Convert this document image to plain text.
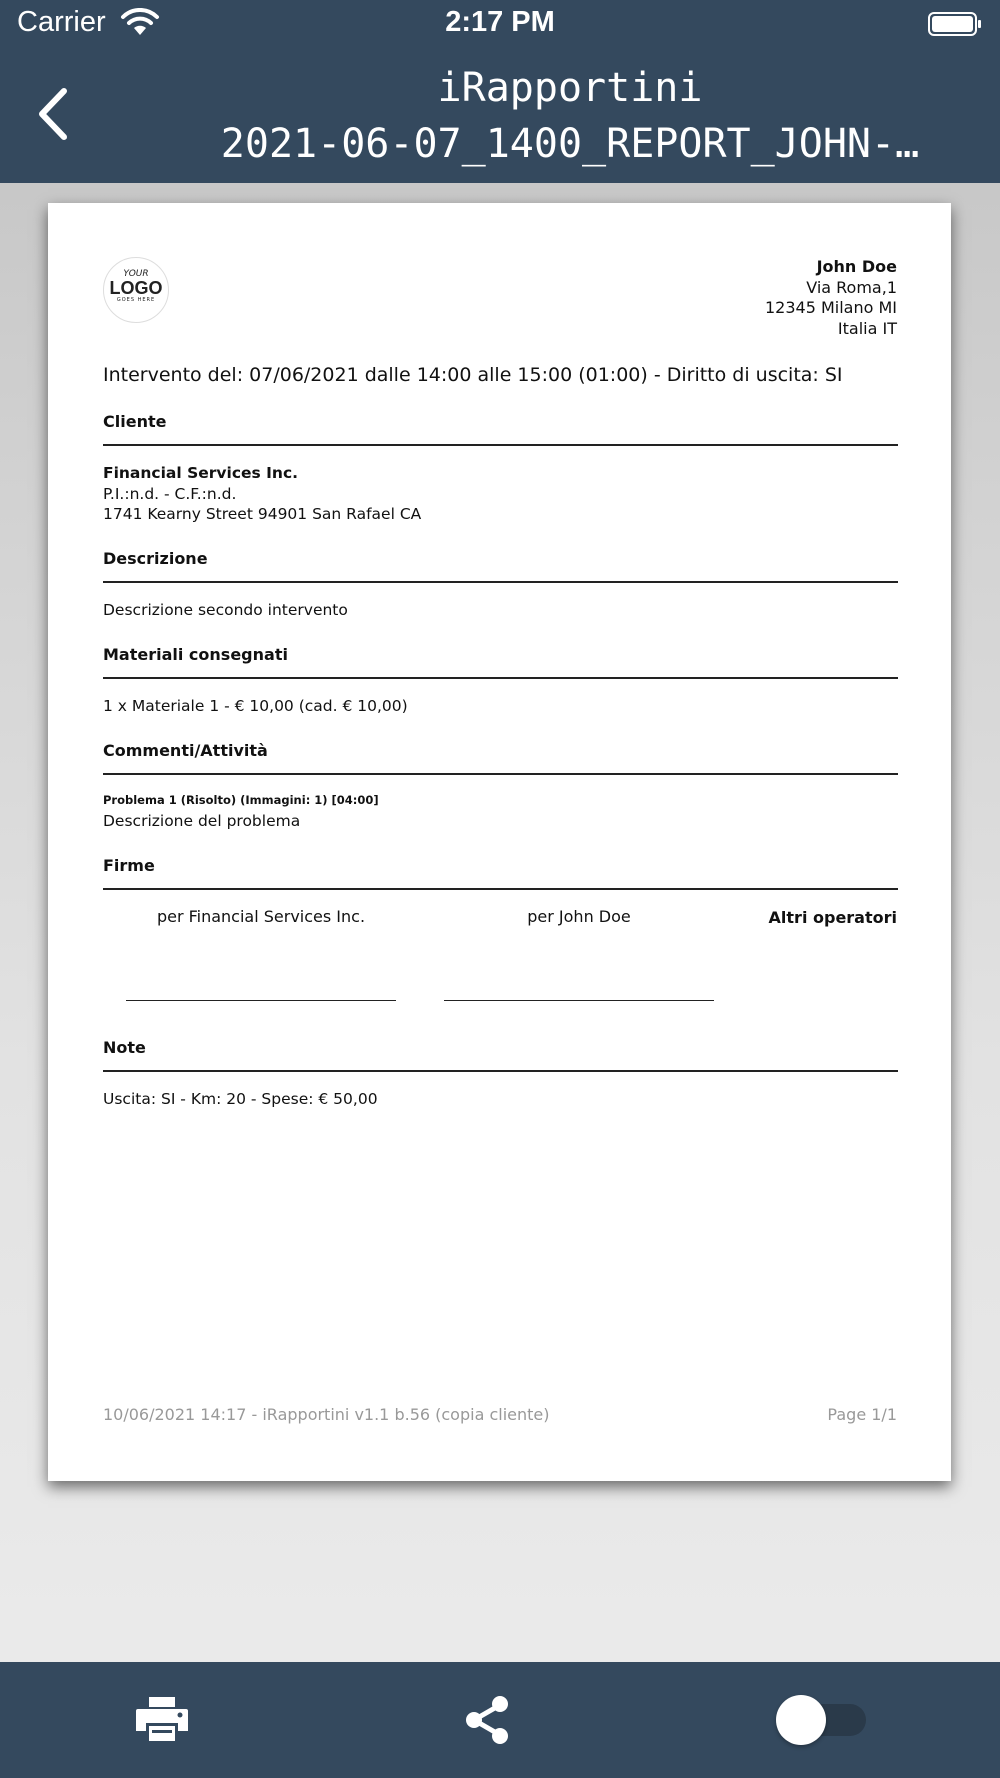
Carrier	2:17 PM
iRapportini
2021-06-07_1400_REPORT_JOHN-…
YOUR
LOGO
GOES HERE
John Doe
Via Roma,1
12345 Milano MI
Italia IT
Intervento del: 07/06/2021 dalle 14:00 alle 15:00 (01:00) - Diritto di uscita: SI
Cliente
Financial Services Inc.
P.I.:n.d. - C.F.:n.d.
1741 Kearny Street 94901 San Rafael CA
Descrizione
Descrizione secondo intervento
Materiali consegnati
1 x Materiale 1 - € 10,00 (cad. € 10,00)
Commenti/Attività
Problema 1 (Risolto) (Immagini: 1) [04:00]
Descrizione del problema
Firme
per Financial Services Inc.	per John Doe	Altri operatori
Note
Uscita: SI - Km: 20 - Spese: € 50,00
10/06/2021 14:17 - iRapportini v1.1 b.56 (copia cliente)	Page 1/1
